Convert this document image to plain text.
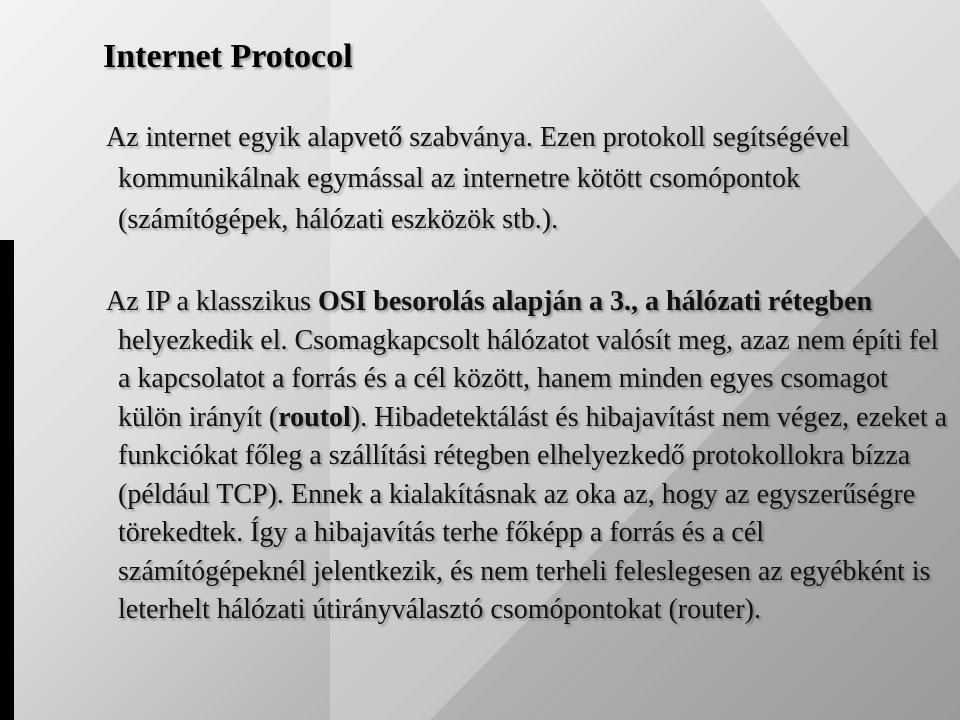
Internet Protocol

Az internet egyik alapvető szabványa. Ezen protokoll segítségével kommunikálnak egymással az internetre kötött csomópontok (számítógépek, hálózati eszközök stb.).

Az IP a klasszikus OSI besorolás alapján a 3., a hálózati rétegben helyezkedik el. Csomagkapcsolt hálózatot valósít meg, azaz nem építi fel a kapcsolatot a forrás és a cél között, hanem minden egyes csomagot külön irányít (routol). Hibadetektálást és hibajavítást nem végez, ezeket a funkciókat főleg a szállítási rétegben elhelyezkedő protokollokra bízza (például TCP). Ennek a kialakításnak az oka az, hogy az egyszerűségre törekedtek. Így a hibajavítás terhe főképp a forrás és a cél számítógépeknél jelentkezik, és nem terheli feleslegesen az egyébként is leterhelt hálózati útirányválasztó csomópontokat (router).
